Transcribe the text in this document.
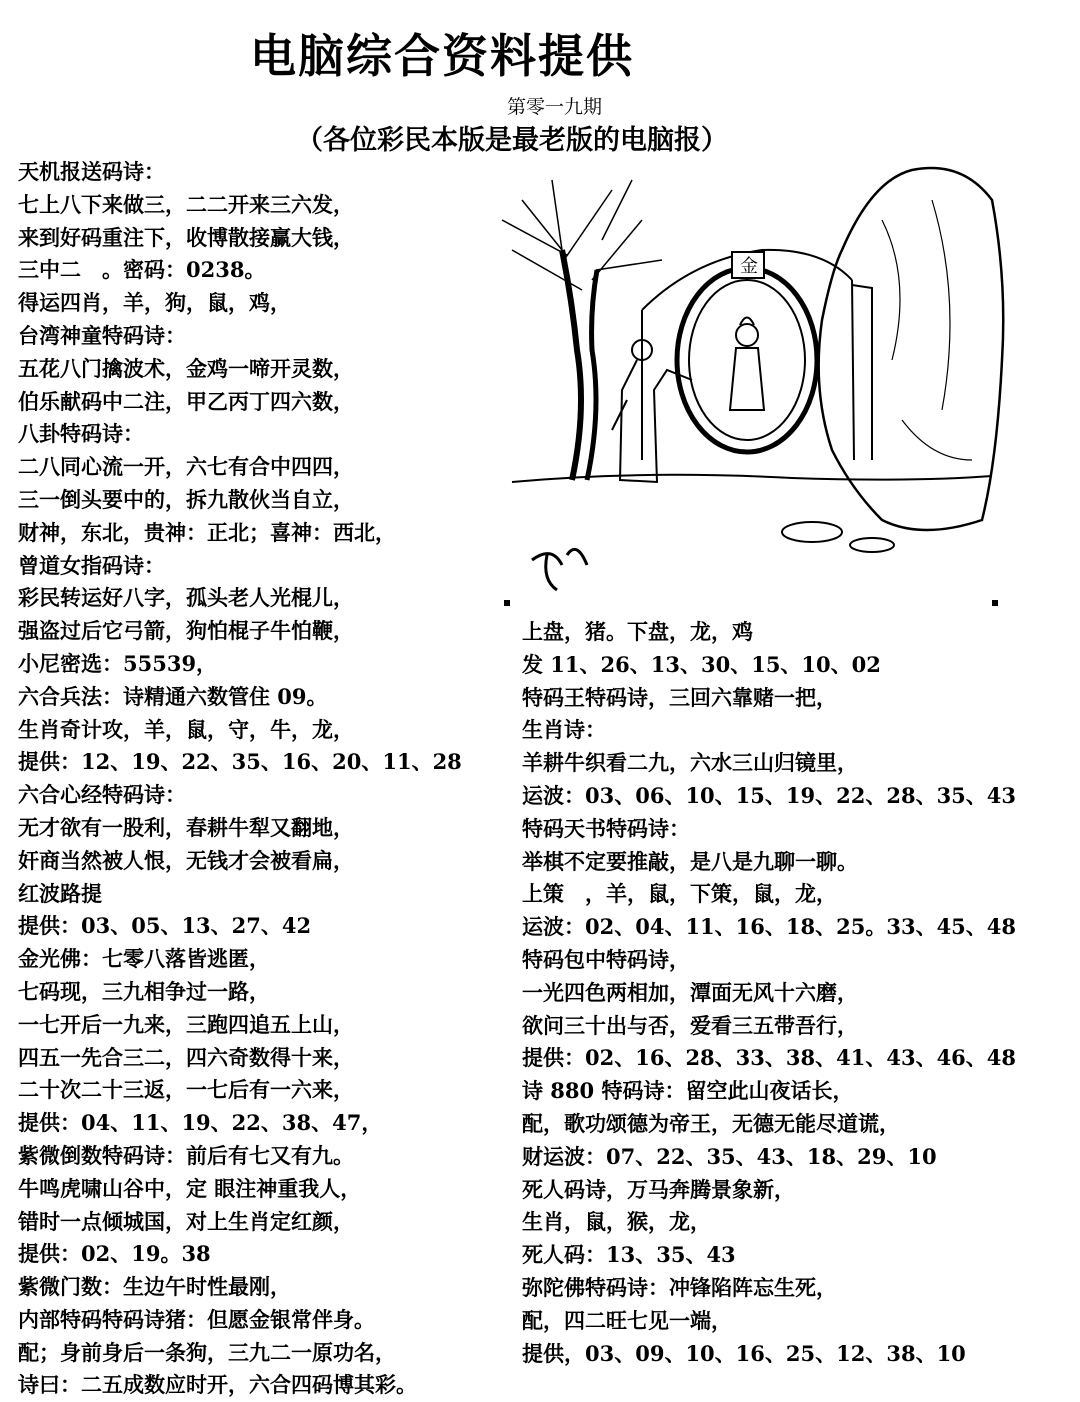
电脑综合资料提供
第零一九期
（各位彩民本版是最老版的电脑报）
天机报送码诗：
七上八下来做三，二二开来三六发，
来到好码重注下，收博散接赢大钱，
三中二　。密码：0238。
得运四肖，羊，狗，鼠，鸡，
台湾神童特码诗：
五花八门擒波术，金鸡一啼开灵数，
伯乐献码中二注，甲乙丙丁四六数，
八卦特码诗：
二八同心流一开，六七有合中四四，
三一倒头要中的，拆九散伙当自立，
财神，东北，贵神：正北；喜神：西北，
曾道女指码诗：
彩民转运好八字，孤头老人光棍儿，
强盗过后它弓箭，狗怕棍子牛怕鞭，
小尼密选：55539，
六合兵法：诗精通六数管住 09。
生肖奇计攻，羊，鼠，守，牛，龙，
提供：12、19、22、35、16、20、11、28
六合心经特码诗：
无才欲有一股利，春耕牛犁又翻地，
奸商当然被人恨，无钱才会被看扁，
红波路提
提供：03、05、13、27、42
金光佛：七零八落皆逃匿，
七码现，三九相争过一路，
一七开后一九来，三跑四追五上山，
四五一先合三二，四六奇数得十来，
二十次二十三返，一七后有一六来，
提供：04、11、19、22、38、47，
紫微倒数特码诗：前后有七又有九。
牛鸣虎啸山谷中，定 眼注神重我人，
错时一点倾城国，对上生肖定红颜，
提供：02、19。38
紫微门数：生边午时性最刚，
内部特码特码诗猪：但愿金银常伴身。
配；身前身后一条狗，三九二一原功名，
诗曰：二五成数应时开，六合四码博其彩。
上盘，猪。下盘，龙，鸡
发 11、26、13、30、15、10、02
特码王特码诗，三回六靠赌一把，
生肖诗：
羊耕牛织看二九，六水三山归镜里，
运波：03、06、10、15、19、22、28、35、43
特码天书特码诗：
举棋不定要推敲，是八是九聊一聊。
上策　，羊，鼠，下策，鼠，龙，
运波：02、04、11、16、18、25。33、45、48
特码包中特码诗，
一光四色两相加，潭面无风十六磨，
欲问三十出与否，爱看三五带吾行，
提供：02、16、28、33、38、41、43、46、48
诗 880 特码诗：留空此山夜话长，
配，歌功颂德为帝王，无德无能尽道谎，
财运波：07、22、35、43、18、29、10
死人码诗，万马奔腾景象新，
生肖，鼠，猴，龙，
死人码：13、35、43
弥陀佛特码诗：冲锋陷阵忘生死，
配，四二旺七见一端，
提供，03、09、10、16、25、12、38、10
金
